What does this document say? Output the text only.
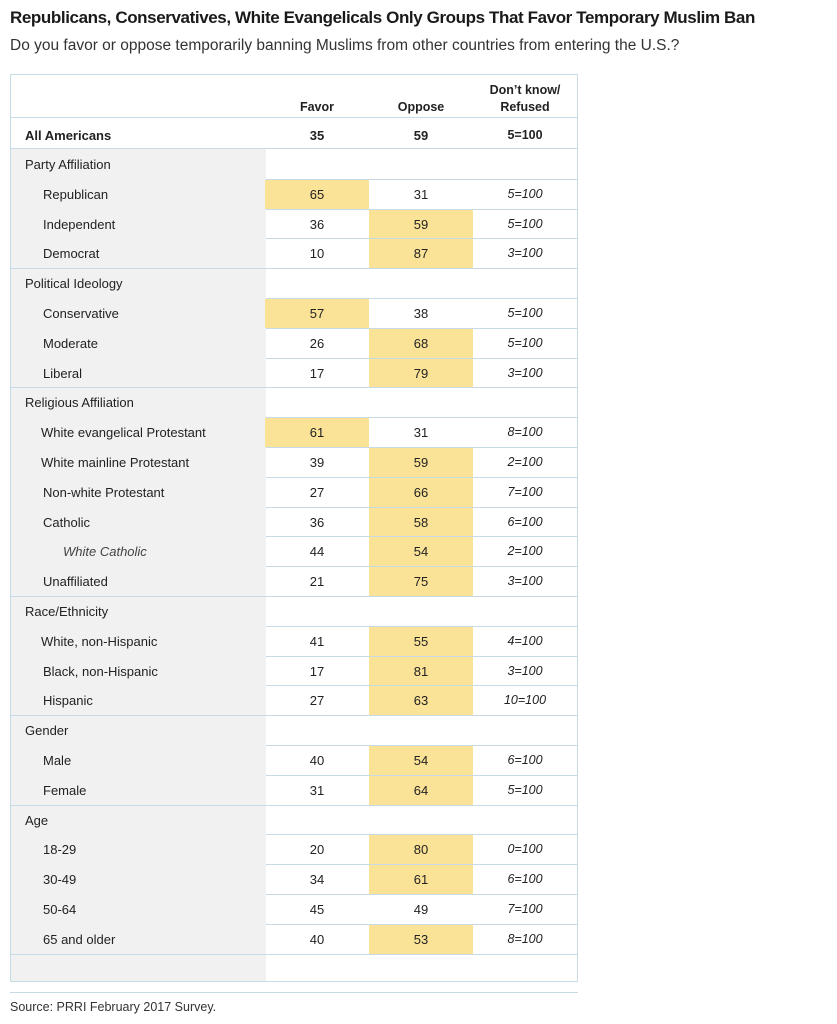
Republicans, Conservatives, White Evangelicals Only Groups That Favor Temporary Muslim Ban
Do you favor or oppose temporarily banning Muslims from other countries from entering the U.S.?
Favor	Oppose
Don’t know/
Refused
All Americans	35	59	5=100
Party Affiliation
Republican	65	31	5=100
Independent	36	59	5=100
Democrat	10	87	3=100
Political Ideology
Conservative	57	38	5=100
Moderate	26	68	5=100
Liberal	17	79	3=100
Religious Affiliation
White evangelical Protestant	61	31	8=100
White mainline Protestant	39	59	2=100
Non-white Protestant	27	66	7=100
Catholic	36	58	6=100
White Catholic	44	54	2=100
Unaffiliated	21	75	3=100
Race/Ethnicity
White, non-Hispanic	41	55	4=100
Black, non-Hispanic	17	81	3=100
Hispanic	27	63	10=100
Gender
Male	40	54	6=100
Female	31	64	5=100
Age
18-29	20	80	0=100
30-49	34	61	6=100
50-64	45	49	7=100
65 and older	40	53	8=100
Source: PRRI February 2017 Survey.
